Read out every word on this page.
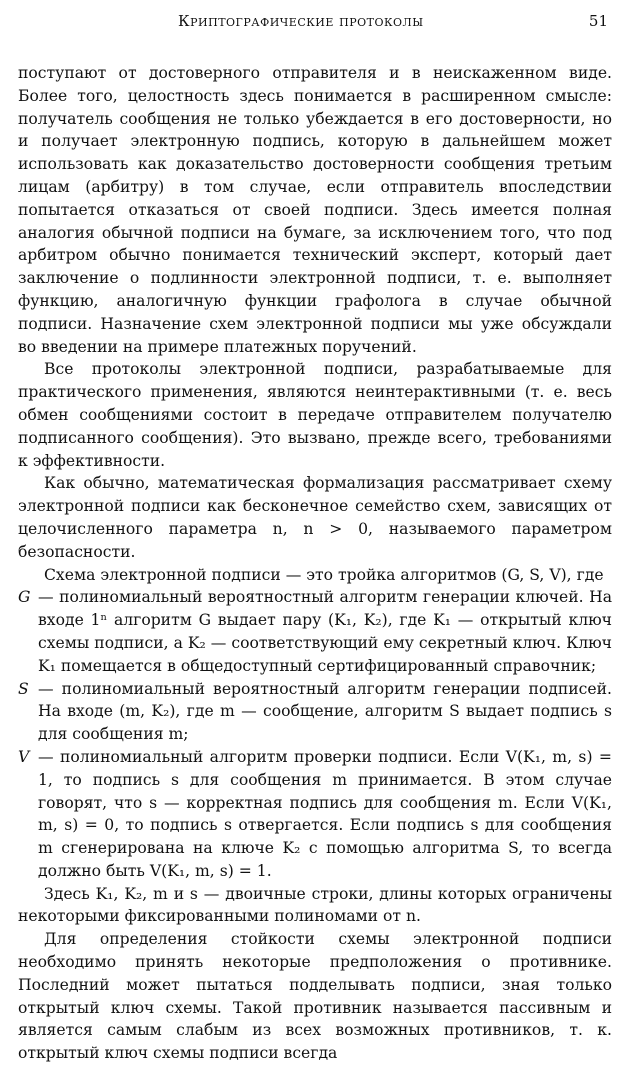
Криптографические протоколы	51

поступают от достоверного отправителя и в неискаженном виде. Более того, целостность здесь понимается в расширенном смысле: получатель сообщения не только убеждается в его достоверности, но и получает электронную подпись, которую в дальнейшем может использовать как доказательство достоверности сообщения третьим лицам (арбитру) в том случае, если отправитель впоследствии попытается отказаться от своей подписи. Здесь имеется полная аналогия обычной подписи на бумаге, за исключением того, что под арбитром обычно понимается технический эксперт, который дает заключение о подлинности электронной подписи, т. е. выполняет функцию, аналогичную функции графолога в случае обычной подписи. Назначение схем электронной подписи мы уже обсуждали во введении на примере платежных поручений.

Все протоколы электронной подписи, разрабатываемые для практического применения, являются неинтерактивными (т. е. весь обмен сообщениями состоит в передаче отправителем получателю подписанного сообщения). Это вызвано, прежде всего, требованиями к эффективности.

Как обычно, математическая формализация рассматривает схему электронной подписи как бесконечное семейство схем, зависящих от целочисленного параметра n, n > 0, называемого параметром безопасности.

Схема электронной подписи — это тройка алгоритмов (G, S, V), где

G — полиномиальный вероятностный алгоритм генерации ключей. На входе 1ⁿ алгоритм G выдает пару (K₁, K₂), где K₁ — открытый ключ схемы подписи, а K₂ — соответствующий ему секретный ключ. Ключ K₁ помещается в общедоступный сертифицированный справочник;
S — полиномиальный вероятностный алгоритм генерации подписей. На входе (m, K₂), где m — сообщение, алгоритм S выдает подпись s для сообщения m;
V — полиномиальный алгоритм проверки подписи. Если V(K₁, m, s) = 1, то подпись s для сообщения m принимается. В этом случае говорят, что s — корректная подпись для сообщения m. Если V(K₁, m, s) = 0, то подпись s отвергается. Если подпись s для сообщения m сгенерирована на ключе K₂ с помощью алгоритма S, то всегда должно быть V(K₁, m, s) = 1.

Здесь K₁, K₂, m и s — двоичные строки, длины которых ограничены некоторыми фиксированными полиномами от n.

Для определения стойкости схемы электронной подписи необходимо принять некоторые предположения о противнике. Последний может пытаться подделывать подписи, зная только открытый ключ схемы. Такой противник называется пассивным и является самым слабым из всех возможных противников, т. к. открытый ключ схемы подписи всегда
